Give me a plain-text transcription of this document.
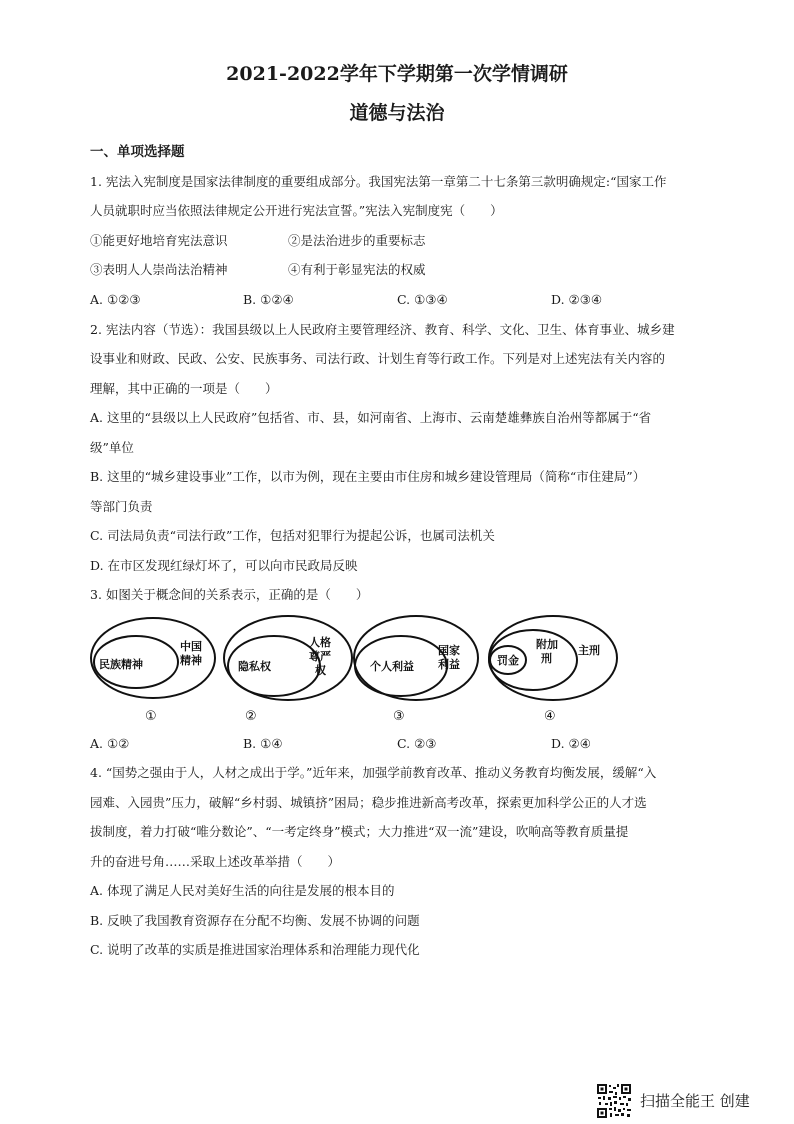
2021-2022学年下学期第一次学情调研
道德与法治
一、单项选择题
1. 宪法入宪制度是国家法律制度的重要组成部分。我国宪法第一章第二十七条第三款明确规定:“国家工作
人员就职时应当依照法律规定公开进行宪法宣誓。”宪法入宪制度宪（　　）
①能更好地培育宪法意识	②是法治进步的重要标志
③表明人人崇尚法治精神	④有利于彰显宪法的权威
A. ①②③	B. ①②④	C. ①③④	D. ②③④
2. 宪法内容（节选）：我国县级以上人民政府主要管理经济、教育、科学、文化、卫生、体育事业、城乡建
设事业和财政、民政、公安、民族事务、司法行政、计划生育等行政工作。下列是对上述宪法有关内容的
理解，其中正确的一项是（　　）
A. 这里的“县级以上人民政府”包括省、市、县，如河南省、上海市、云南楚雄彝族自治州等都属于“省
级”单位
B. 这里的“城乡建设事业”工作，以市为例，现在主要由市住房和城乡建设管理局（简称“市住建局”）
等部门负责
C. 司法局负责“司法行政”工作，包括对犯罪行为提起公诉，也属司法机关
D. 在市区发现红绿灯坏了，可以向市民政局反映
3. 如图关于概念间的关系表示，正确的是（　　）
民族精神
中国
精神
①
隐私权
人格
尊严
权
②
个人利益
国家
利益
③
罚金
附加
刑
主刑
④
A. ①②	B. ①④	C. ②③	D. ②④
4. “国势之强由于人，人材之成出于学。”近年来，加强学前教育改革、推动义务教育均衡发展，缓解“入
园难、入园贵”压力，破解“乡村弱、城镇挤”困局；稳步推进新高考改革，探索更加科学公正的人才选
拔制度，着力打破“唯分数论”、“一考定终身”模式；大力推进“双一流”建设，吹响高等教育质量提
升的奋进号角……采取上述改革举措（　　）
A. 体现了满足人民对美好生活的向往是发展的根本目的
B. 反映了我国教育资源存在分配不均衡、发展不协调的问题
C. 说明了改革的实质是推进国家治理体系和治理能力现代化
扫描全能王 创建
